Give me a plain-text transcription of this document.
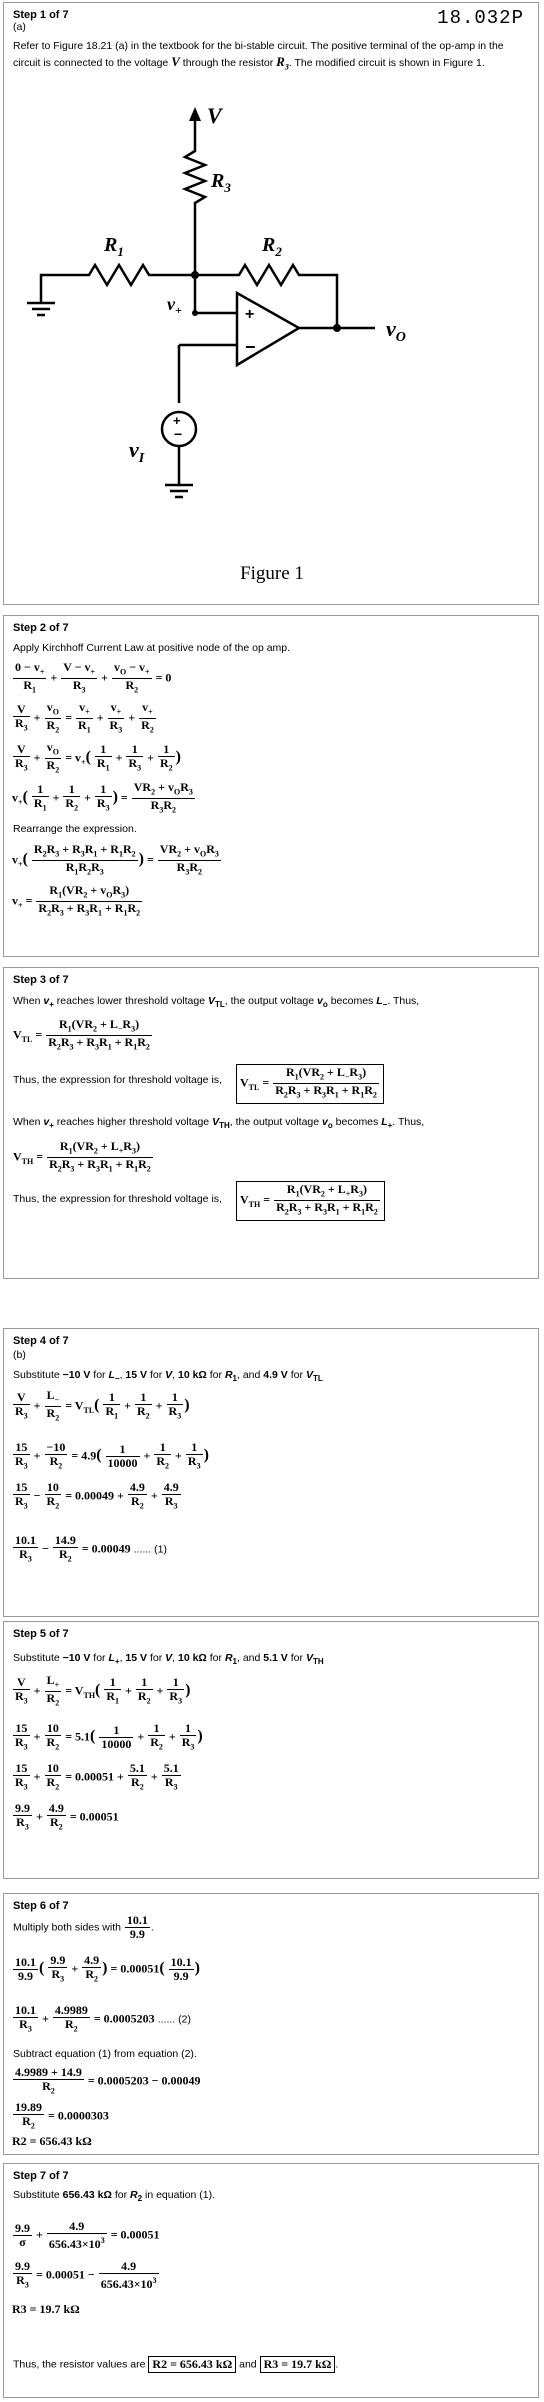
Step 1 of 7	18.032P
(a)
Refer to Figure 18.21 (a) in the textbook for the bi-stable circuit. The positive terminal of the op-amp in the
circuit is connected to the voltage V through the resistor $R_3$. The modified circuit is shown in Figure 1.
V
$R_3$
$R_1$	$R_2$
$v_+$
$v_O$
$v_I$
+
−
+
−
Figure 1
Step 2 of 7
Apply Kirchhoff Current Law at positive node of the op amp.
$\frac{0 - v_+}{R_1} + \frac{V - v_+}{R_3} + \frac{v_O - v_+}{R_2} = 0$
$\frac{V}{R_3} + \frac{v_O}{R_2} = \frac{v_+}{R_1} + \frac{v_+}{R_3} + \frac{v_+}{R_2}$
$\frac{V}{R_3} + \frac{v_O}{R_2} = v_+( \frac{1}{R_1} + \frac{1}{R_3} + \frac{1}{R_2}$ )
$v_+( \frac{1}{R_1} + \frac{1}{R_2} + \frac{1}{R_3}$ ) =
$VR_2 + v_OR_3$
$R_3R_2$
Rearrange the expression.
$v_+( \frac{R_2R_3 + R_3R_1 + R_1R_2}{R_1R_2R_3}$ ) =
$VR_2 + v_OR_3$
$R_3R_2$
$v_+$ =
$R_1(VR_2 + v_OR_3)$
$R_2R_3 + R_3R_1 + R_1R_2$
Step 3 of 7
When $v_+$ reaches lower threshold voltage $V_{TL}$, the output voltage $v_o$ becomes $L_-$. Thus,
$V_{TL} = \frac{R_1(VR_2 + L_-R_3)}{R_2R_3 + R_3R_1 + R_1R_2}$
Thus, the expression for threshold voltage is,	$V_{TL} = \frac{R_1(VR_2 + L_-R_3)}{R_2R_3 + R_3R_1 + R_1R_2}$
When $v_+$ reaches higher threshold voltage $V_{TH}$, the output voltage $v_o$ becomes $L_+$. Thus,
$V_{TH} = \frac{R_1(VR_2 + L_+R_3)}{R_2R_3 + R_3R_1 + R_1R_2}$
Thus, the expression for threshold voltage is,	$V_{TH} = \frac{R_1(VR_2 + L_+R_3)}{R_2R_3 + R_3R_1 + R_1R_2}$
Step 4 of 7
(b)
Substitute −10 V for $L_-$, 15 V for V, 10 kΩ for $R_1$, and 4.9 V for $V_{TL}$
$\frac{V}{R_3} + \frac{L_-}{R_2} = V_{TL}( \frac{1}{R_1} + \frac{1}{R_2} + \frac{1}{R_3}$ )
$\frac{15}{R_3} + \frac{-10}{R_2} = 4.9( \frac{1}{10000} + \frac{1}{R_2} + \frac{1}{R_3}$ )
$\frac{15}{R_3} - \frac{10}{R_2} = 0.00049 + \frac{4.9}{R_2} + \frac{4.9}{R_3}$
$\frac{10.1}{R_3} - \frac{14.9}{R_2} = 0.00049$ ...... (1)
Step 5 of 7
Substitute −10 V for $L_+$, 15 V for V, 10 kΩ for $R_1$, and 5.1 V for $V_{TH}$
$\frac{V}{R_3} + \frac{L_+}{R_2} = V_{TH}( \frac{1}{R_1} + \frac{1}{R_2} + \frac{1}{R_3}$ )
$\frac{15}{R_3} + \frac{10}{R_2} = 5.1( \frac{1}{10000} + \frac{1}{R_2} + \frac{1}{R_3}$ )
$\frac{15}{R_3} + \frac{10}{R_2} = 0.00051 + \frac{5.1}{R_2} + \frac{5.1}{R_3}$
$\frac{9.9}{R_3} + \frac{4.9}{R_2} = 0.00051$
Step 6 of 7
Multiply both sides with $\frac{10.1}{9.9}$ .
$\frac{10.1}{9.9}$ ( $\frac{9.9}{R_3} + \frac{4.9}{R_2}$ ) = $0.00051( \frac{10.1}{9.9}$ )
$\frac{10.1}{R_3} + \frac{4.9989}{R_2} = 0.0005203$ ...... (2)
Subtract equation (1) from equation (2).
$\frac{4.9989 + 14.9}{R_2} = 0.0005203 - 0.00049$
$\frac{19.89}{R_2} = 0.0000303$
R2 = 656.43 kΩ
Step 7 of 7
Substitute 656.43 kΩ for $R_2$ in equation (1).
$\frac{9.9}{\sigma} + \frac{4.9}{656.43\times 10^3} = 0.00051$
$\frac{9.9}{R_3} = 0.00051 - \frac{4.9}{656.43\times 10^3}$
R3 = 19.7 kΩ
Thus, the resistor values are R2 = 656.43 kΩ and R3 = 19.7 kΩ .
